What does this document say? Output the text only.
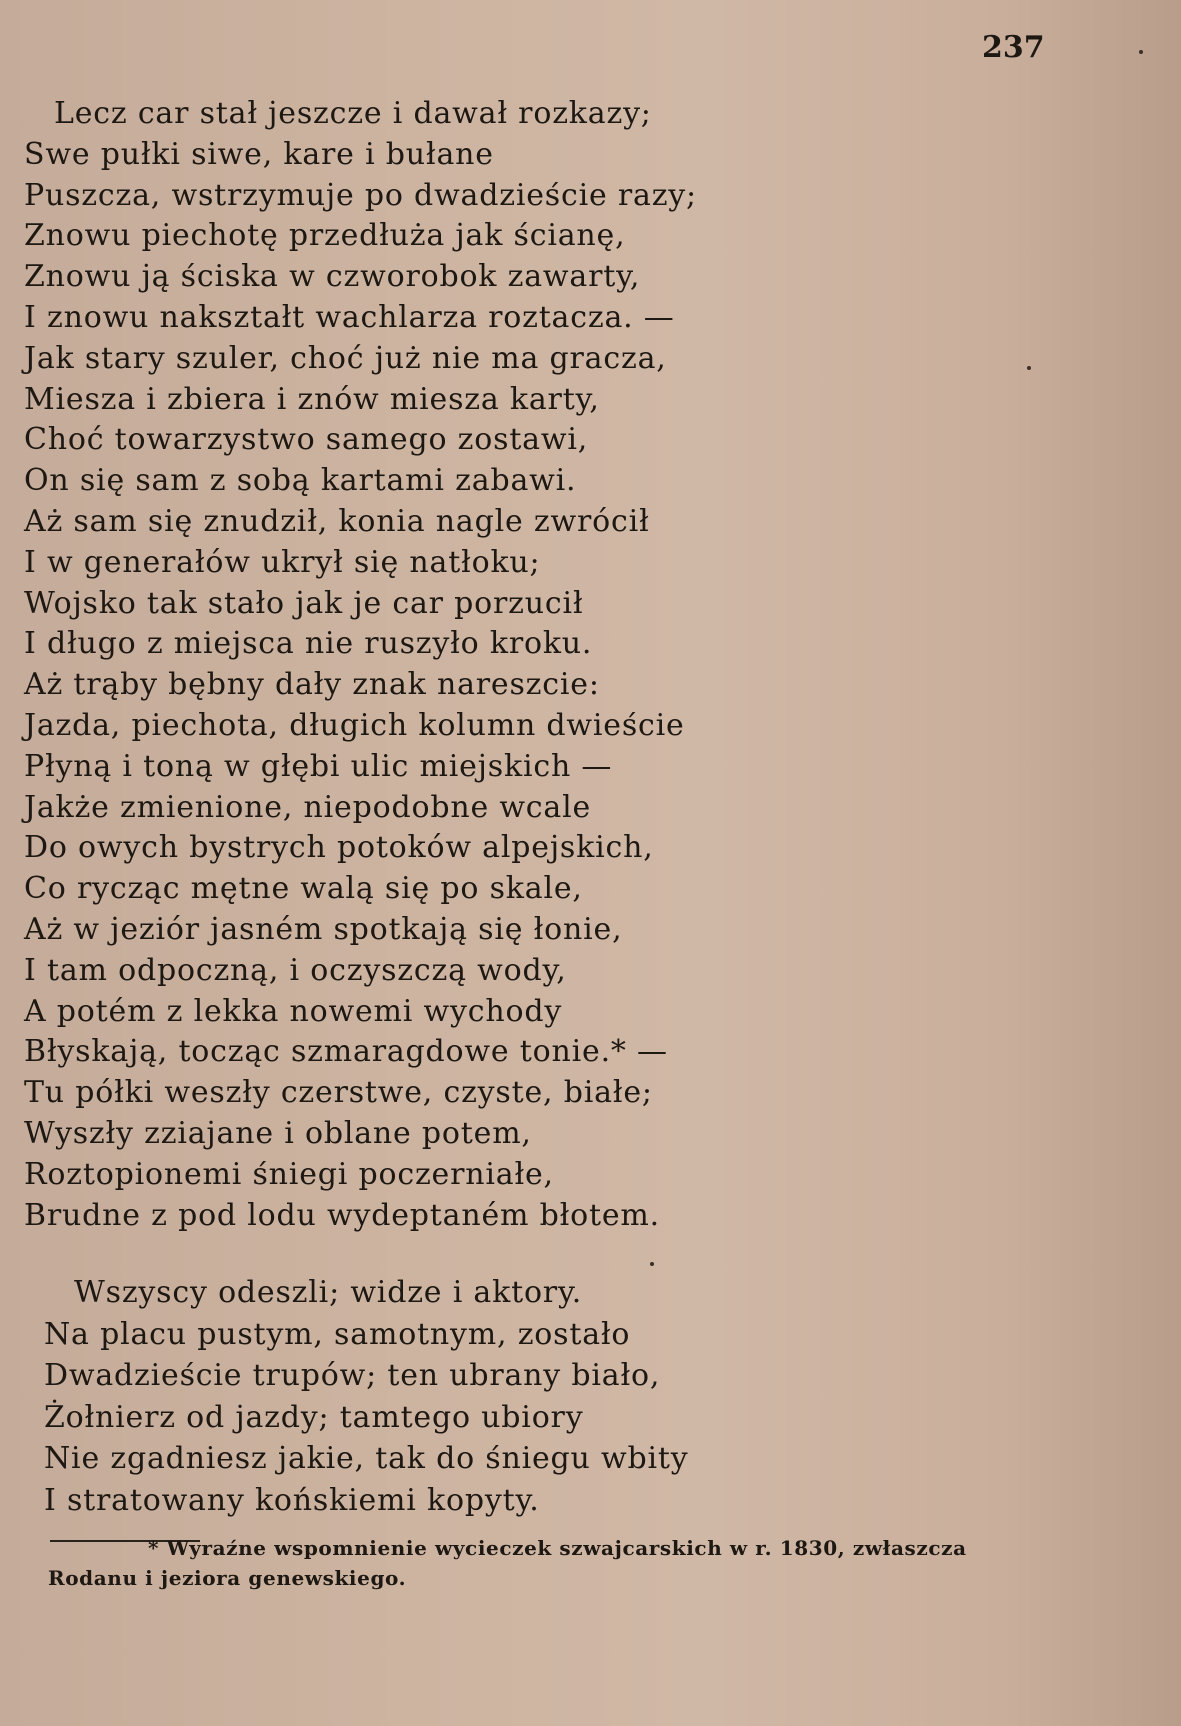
237
Lecz car stał jeszcze i dawał rozkazy;
Swe pułki siwe, kare i bułane
Puszcza, wstrzymuje po dwadzieście razy;
Znowu piechotę przedłuża jak ścianę,
Znowu ją ściska w czworobok zawarty,
I znowu nakształt wachlarza roztacza. —
Jak stary szuler, choć już nie ma gracza,
Miesza i zbiera i znów miesza karty,
Choć towarzystwo samego zostawi,
On się sam z sobą kartami zabawi.
Aż sam się znudził, konia nagle zwrócił
I w generałów ukrył się natłoku;
Wojsko tak stało jak je car porzucił
I długo z miejsca nie ruszyło kroku.
Aż trąby bębny dały znak nareszcie:
Jazda, piechota, długich kolumn dwieście
Płyną i toną w głębi ulic miejskich —
Jakże zmienione, niepodobne wcale
Do owych bystrych potoków alpejskich,
Co rycząc mętne walą się po skale,
Aż w jeziór jasném spotkają się łonie,
I tam odpoczną, i oczyszczą wody,
A potém z lekka nowemi wychody
Błyskają, tocząc szmaragdowe tonie.* —
Tu półki weszły czerstwe, czyste, białe;
Wyszły zziajane i oblane potem,
Roztopionemi śniegi poczerniałe,
Brudne z pod lodu wydeptaném błotem.
Wszyscy odeszli; widze i aktory.
Na placu pustym, samotnym, zostało
Dwadzieście trupów; ten ubrany biało,
Żołnierz od jazdy; tamtego ubiory
Nie zgadniesz jakie, tak do śniegu wbity
I stratowany końskiemi kopyty.
* Wyraźne wspomnienie wycieczek szwajcarskich w r. 1830, zwłaszcza
Rodanu i jeziora genewskiego.
